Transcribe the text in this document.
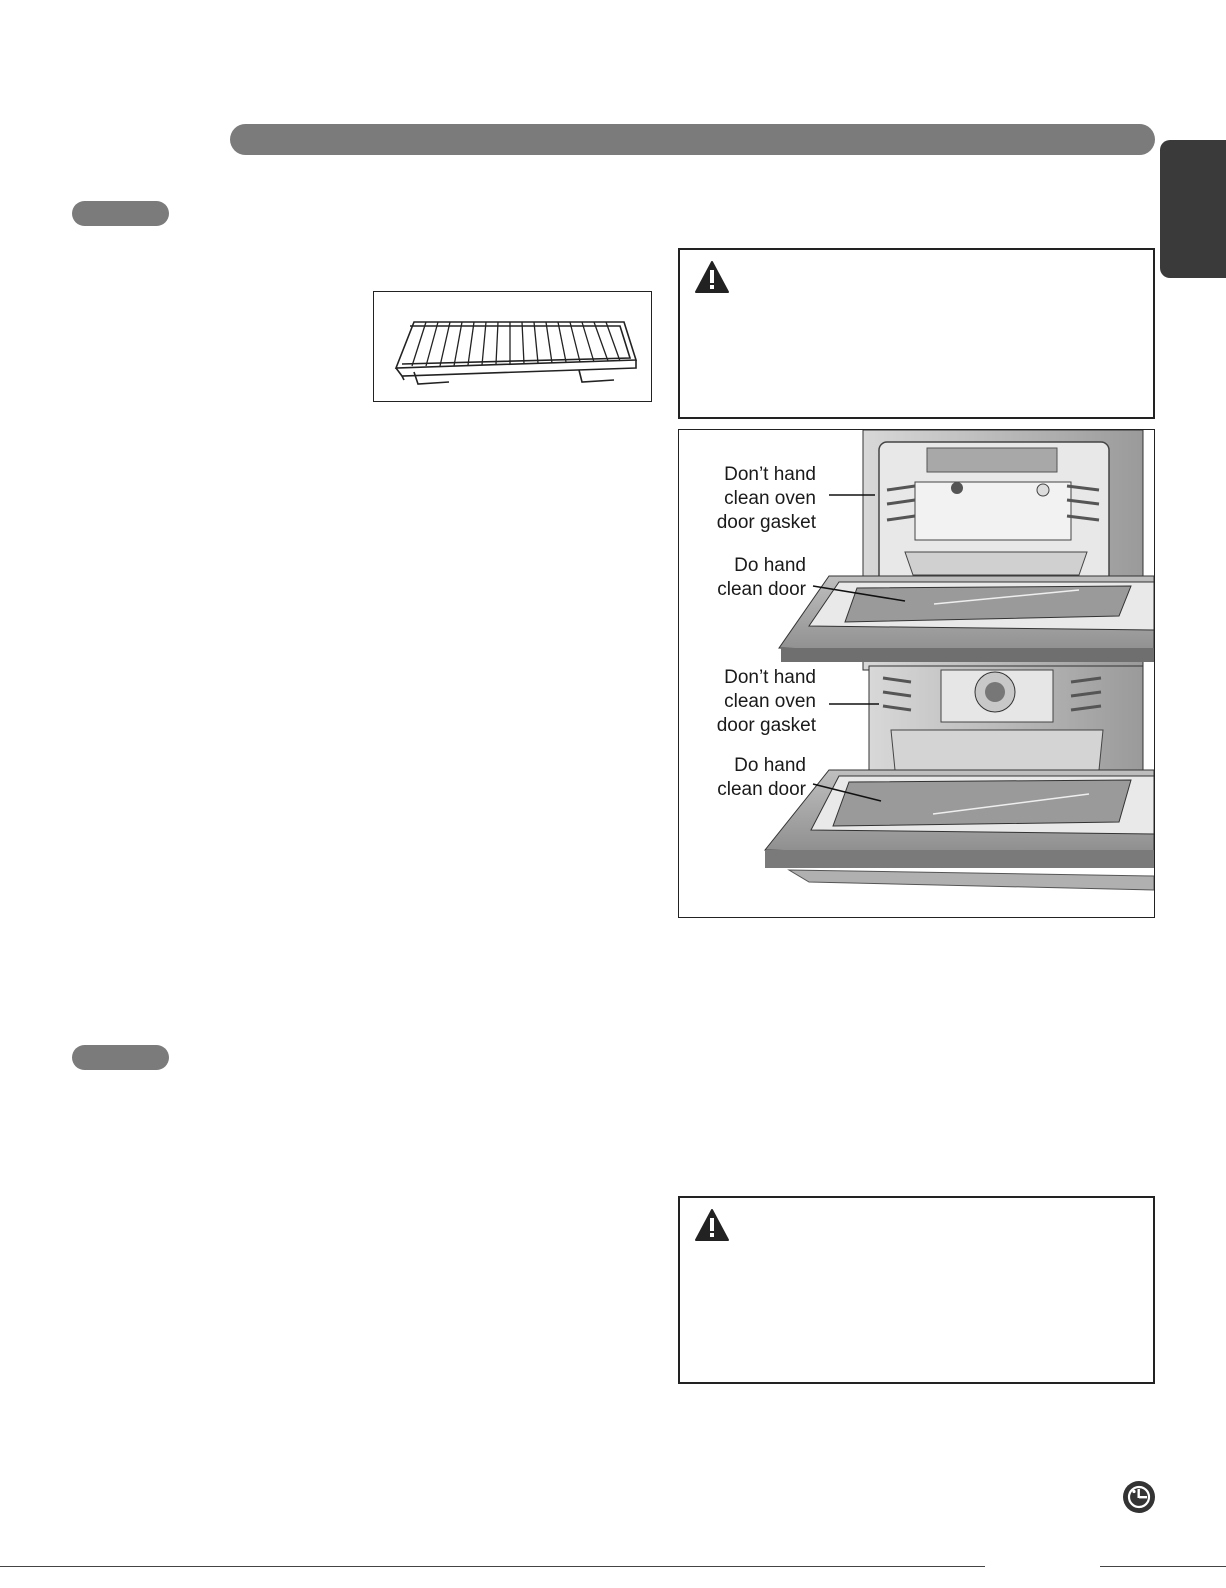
Don’t hand
clean oven
door gasket
Do hand
clean door
Don’t hand
clean oven
door gasket
Do hand
clean door
